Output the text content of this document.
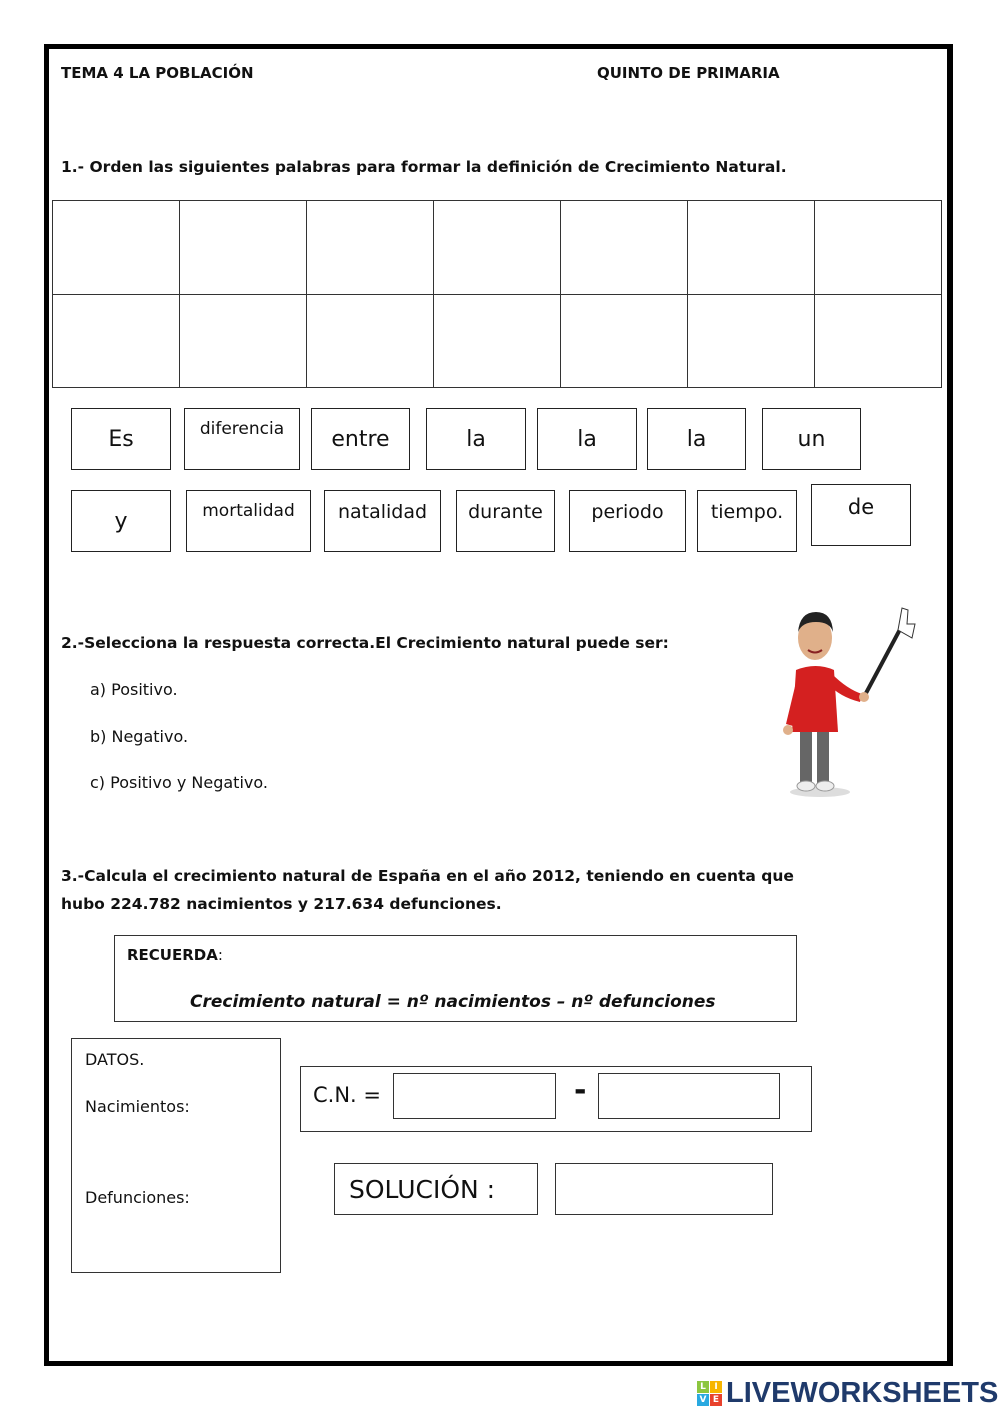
TEMA 4 LA POBLACIÓN	QUINTO DE PRIMARIA
1.- Orden las siguientes palabras para formar la definición de Crecimiento Natural.
Es	diferencia	entre	la	la	la	un
y	mortalidad	natalidad	durante	periodo	tiempo.	de
2.-Selecciona la respuesta correcta.El Crecimiento natural puede ser:
a) Positivo.
b) Negativo.
c) Positivo y Negativo.
3.-Calcula el crecimiento natural de España en el año 2012, teniendo en cuenta que
hubo 224.782 nacimientos y 217.634 defunciones.
RECUERDA:
Crecimiento natural = nº nacimientos – nº defunciones
DATOS.
Nacimientos:
Defunciones:
C.N. =	-
SOLUCIÓN :
L I
V E LIVEWORKSHEETS
